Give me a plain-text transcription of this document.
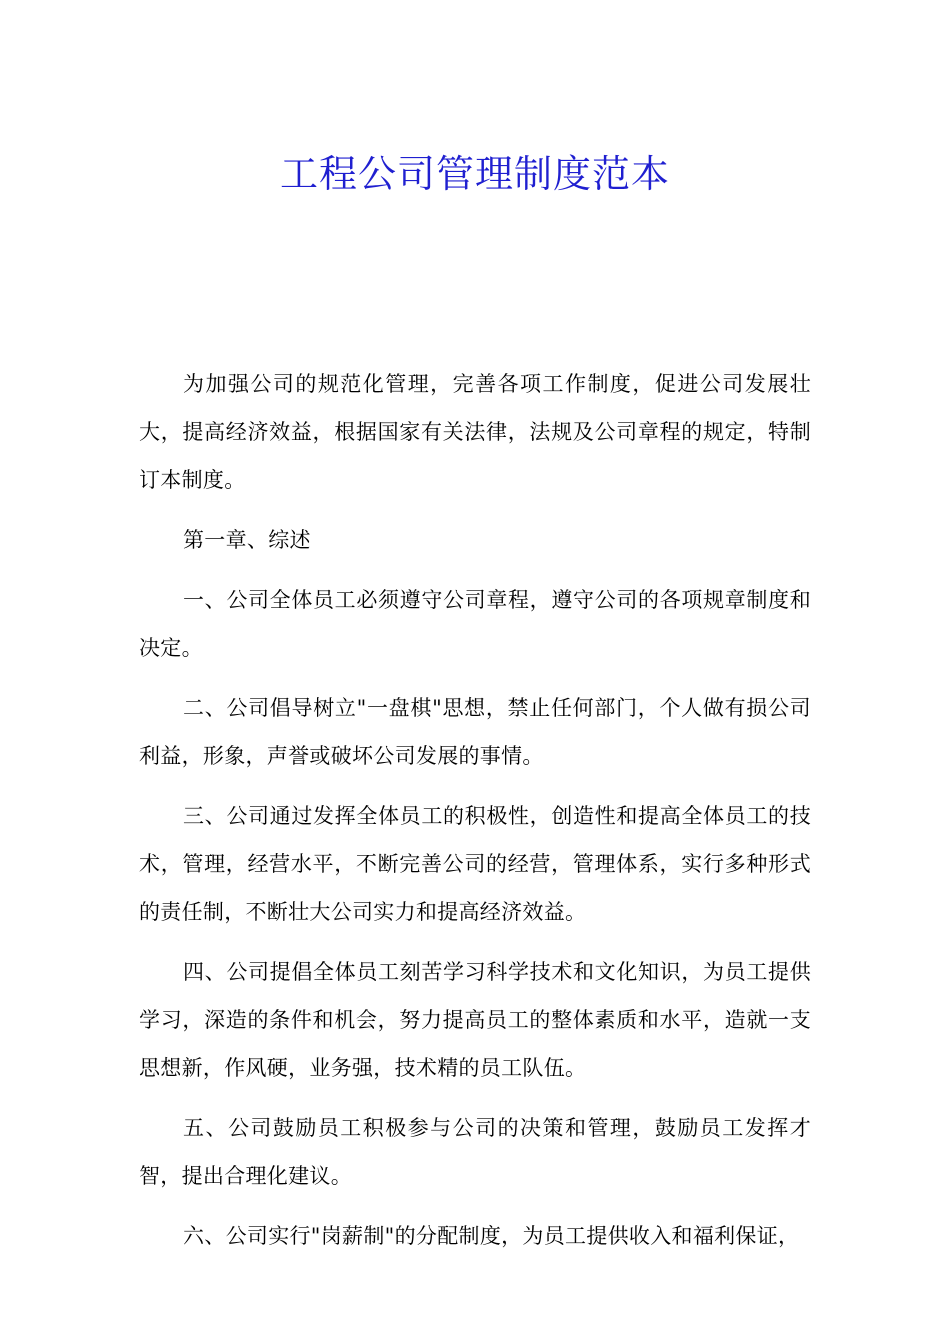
工程公司管理制度范本

为加强公司的规范化管理，完善各项工作制度，促进公司发展壮大，提高经济效益，根据国家有关法律，法规及公司章程的规定，特制订本制度。

第一章、综述

一、公司全体员工必须遵守公司章程，遵守公司的各项规章制度和决定。

二、公司倡导树立"一盘棋"思想，禁止任何部门，个人做有损公司利益，形象，声誉或破坏公司发展的事情。

三、公司通过发挥全体员工的积极性，创造性和提高全体员工的技术，管理，经营水平，不断完善公司的经营，管理体系，实行多种形式的责任制，不断壮大公司实力和提高经济效益。

四、公司提倡全体员工刻苦学习科学技术和文化知识，为员工提供学习，深造的条件和机会，努力提高员工的整体素质和水平，造就一支思想新，作风硬，业务强，技术精的员工队伍。

五、公司鼓励员工积极参与公司的决策和管理，鼓励员工发挥才智，提出合理化建议。

六、公司实行"岗薪制"的分配制度，为员工提供收入和福利保证，
